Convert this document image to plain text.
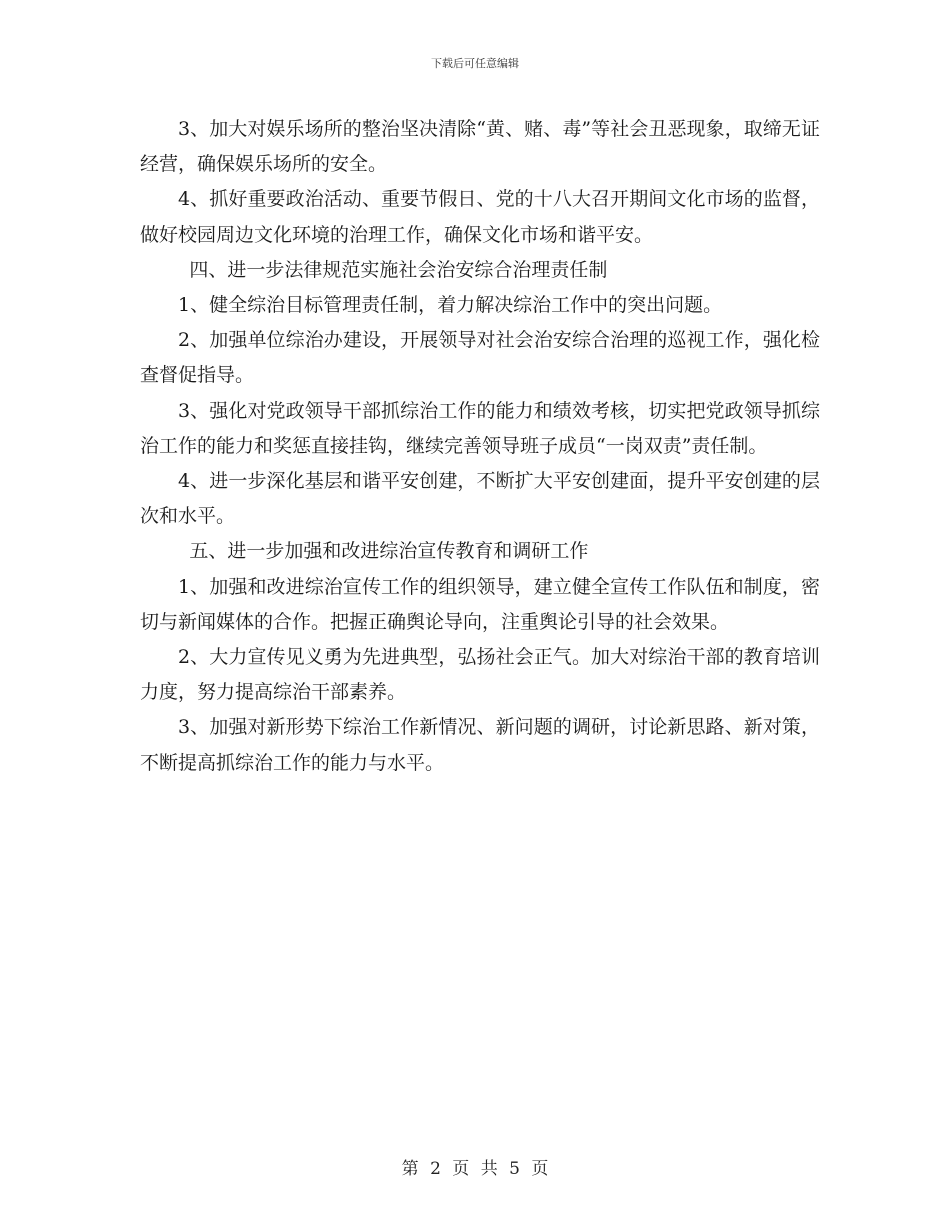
下载后可任意编辑

3、加大对娱乐场所的整治坚决清除“黄、赌、毒”等社会丑恶现象，取缔无证经营，确保娱乐场所的安全。

4、抓好重要政治活动、重要节假日、党的十八大召开期间文化市场的监督，做好校园周边文化环境的治理工作，确保文化市场和谐平安。

四、进一步法律规范实施社会治安综合治理责任制

1、健全综治目标管理责任制，着力解决综治工作中的突出问题。

2、加强单位综治办建设，开展领导对社会治安综合治理的巡视工作，强化检查督促指导。

3、强化对党政领导干部抓综治工作的能力和绩效考核，切实把党政领导抓综治工作的能力和奖惩直接挂钩，继续完善领导班子成员“一岗双责”责任制。

4、进一步深化基层和谐平安创建，不断扩大平安创建面，提升平安创建的层次和水平。

五、进一步加强和改进综治宣传教育和调研工作

1、加强和改进综治宣传工作的组织领导，建立健全宣传工作队伍和制度，密切与新闻媒体的合作。把握正确舆论导向，注重舆论引导的社会效果。

2、大力宣传见义勇为先进典型，弘扬社会正气。加大对综治干部的教育培训力度，努力提高综治干部素养。

3、加强对新形势下综治工作新情况、新问题的调研，讨论新思路、新对策，不断提高抓综治工作的能力与水平。

第 2 页 共 5 页
